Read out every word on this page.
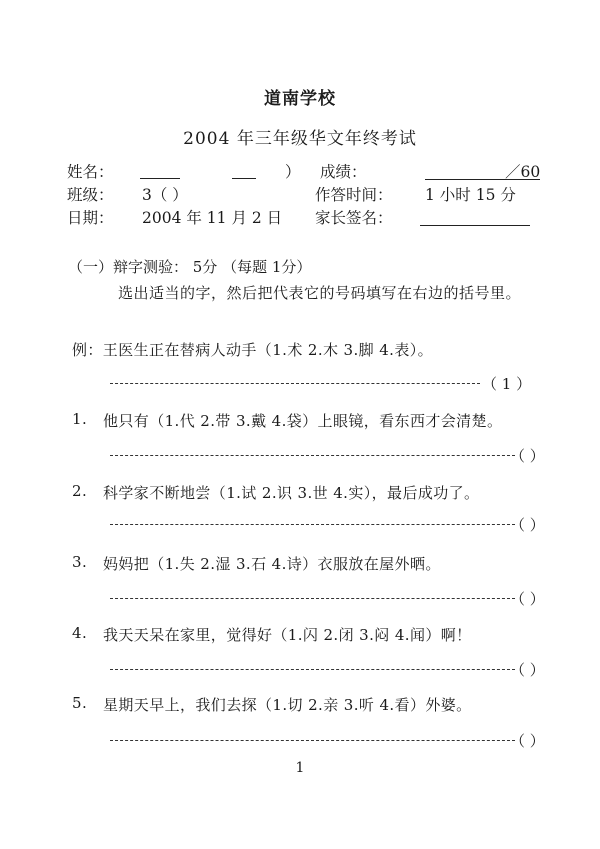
道南学校
2004 年三年级华文年终考试
姓名：	） 成绩：	／60
班级： 3（ ）	作答时间： 1 小时 15 分
日期： 2004 年 11 月 2 日 家长签名：
（一）辩字测验： 5分 （每题 1分）
选出适当的字，然后把代表它的号码填写在右边的括号里。
例：王医生正在替病人动手（1.术 2.木 3.脚 4.表）。
（ 1 ）
1. 他只有（1.代 2.带 3.戴 4.袋）上眼镜，看东西才会清楚。
（ ）
2. 科学家不断地尝（1.试 2.识 3.世 4.实），最后成功了。
（ ）
3. 妈妈把（1.失 2.湿 3.石 4.诗）衣服放在屋外晒。
（ ）
4. 我天天呆在家里，觉得好（1.闪 2.闭 3.闷 4.闻）啊！
（ ）
5. 星期天早上，我们去探（1.切 2.亲 3.听 4.看）外婆。
（ ）
1
